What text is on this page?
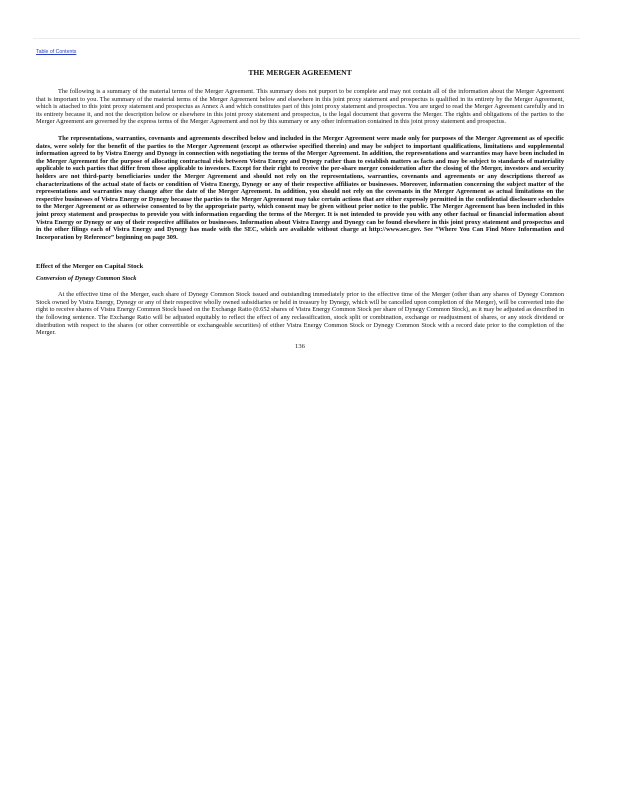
Table of Contents
THE MERGER AGREEMENT

The following is a summary of the material terms of the Merger Agreement. This summary does not purport to be complete and may not contain all of the information about the Merger Agreement that is important to you. The summary of the material terms of the Merger Agreement below and elsewhere in this joint proxy statement and prospectus is qualified in its entirety by the Merger Agreement, which is attached to this joint proxy statement and prospectus as Annex A and which constitutes part of this joint proxy statement and prospectus. You are urged to read the Merger Agreement carefully and in its entirety because it, and not the description below or elsewhere in this joint proxy statement and prospectus, is the legal document that governs the Merger. The rights and obligations of the parties to the Merger Agreement are governed by the express terms of the Merger Agreement and not by this summary or any other information contained in this joint proxy statement and prospectus.

The representations, warranties, covenants and agreements described below and included in the Merger Agreement were made only for purposes of the Merger Agreement as of specific dates, were solely for the benefit of the parties to the Merger Agreement (except as otherwise specified therein) and may be subject to important qualifications, limitations and supplemental information agreed to by Vistra Energy and Dynegy in connection with negotiating the terms of the Merger Agreement. In addition, the representations and warranties may have been included in the Merger Agreement for the purpose of allocating contractual risk between Vistra Energy and Dynegy rather than to establish matters as facts and may be subject to standards of materiality applicable to such parties that differ from those applicable to investors. Except for their right to receive the per-share merger consideration after the closing of the Merger, investors and security holders are not third-party beneficiaries under the Merger Agreement and should not rely on the representations, warranties, covenants and agreements or any descriptions thereof as characterizations of the actual state of facts or condition of Vistra Energy, Dynegy or any of their respective affiliates or businesses. Moreover, information concerning the subject matter of the representations and warranties may change after the date of the Merger Agreement. In addition, you should not rely on the covenants in the Merger Agreement as actual limitations on the respective businesses of Vistra Energy or Dynegy because the parties to the Merger Agreement may take certain actions that are either expressly permitted in the confidential disclosure schedules to the Merger Agreement or as otherwise consented to by the appropriate party, which consent may be given without prior notice to the public. The Merger Agreement has been included in this joint proxy statement and prospectus to provide you with information regarding the terms of the Merger. It is not intended to provide you with any other factual or financial information about Vistra Energy or Dynegy or any of their respective affiliates or businesses. Information about Vistra Energy and Dynegy can be found elsewhere in this joint proxy statement and prospectus and in the other filings each of Vistra Energy and Dynegy has made with the SEC, which are available without charge at http://www.sec.gov. See “Where You Can Find More Information and Incorporation by Reference” beginning on page 309.

Effect of the Merger on Capital Stock
Conversion of Dynegy Common Stock

At the effective time of the Merger, each share of Dynegy Common Stock issued and outstanding immediately prior to the effective time of the Merger (other than any shares of Dynegy Common Stock owned by Vistra Energy, Dynegy or any of their respective wholly owned subsidiaries or held in treasury by Dynegy, which will be cancelled upon completion of the Merger), will be converted into the right to receive shares of Vistra Energy Common Stock based on the Exchange Ratio (0.652 shares of Vistra Energy Common Stock per share of Dynegy Common Stock), as it may be adjusted as described in the following sentence. The Exchange Ratio will be adjusted equitably to reflect the effect of any reclassification, stock split or combination, exchange or readjustment of shares, or any stock dividend or distribution with respect to the shares (or other convertible or exchangeable securities) of either Vistra Energy Common Stock or Dynegy Common Stock with a record date prior to the completion of the Merger.

136
